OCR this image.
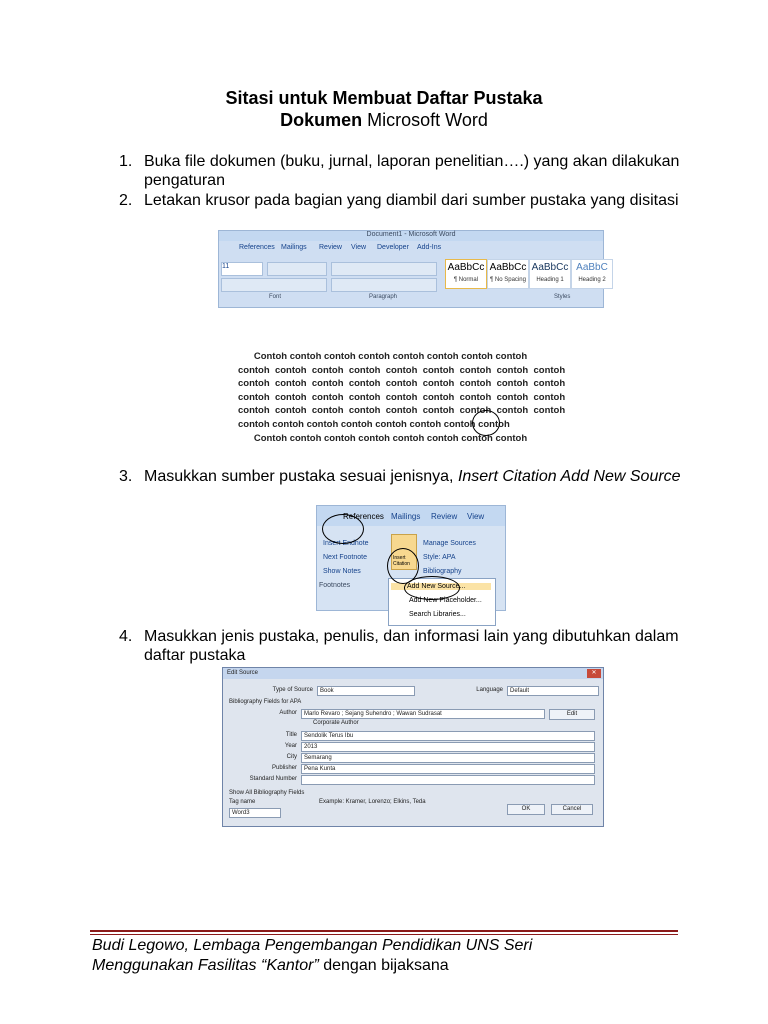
Sitasi untuk Membuat Daftar Pustaka
Dokumen Microsoft Word
1. Buka file dokumen (buku, jurnal, laporan penelitian….) yang akan dilakukan pengaturan
2. Letakan krusor pada bagian yang diambil dari sumber pustaka yang disitasi
Document1 - Microsoft Word
References Mailings Review View Developer Add-Ins
11	AaBbCc
¶ Normal
AaBbCc
¶ No Spacing
AaBbCc
Heading 1
AaBbC
Heading 2
Font	Paragraph	Styles
Contoh contoh contoh contoh contoh contoh contoh contoh
contoh  contoh  contoh  contoh  contoh  contoh  contoh  contoh  contoh
contoh  contoh  contoh  contoh  contoh  contoh  contoh  contoh  contoh
contoh  contoh  contoh  contoh  contoh  contoh  contoh  contoh  contoh
contoh  contoh  contoh  contoh  contoh  contoh  contoh  contoh  contoh
contoh contoh contoh contoh contoh contoh contoh contoh
Contoh contoh contoh contoh contoh contoh contoh contoh
3. Masukkan sumber pustaka sesuai jenisnya, Insert Citation Add New Source
References Mailings Review View
Insert Endnote
Next Footnote
Show Notes
Footnotes
Insert Citation
Manage Sources
Style: APA
Bibliography
Add New Source...
Add New Placeholder...
Search Libraries...
4. Masukkan jenis pustaka, penulis, dan informasi lain yang dibutuhkan dalam daftar pustaka
Edit Source	✕
Type of Source	Book	Language	Default
Bibliography Fields for APA
Author	Marlo Revaro ; Sejang Suhendro ; Wawan Sudrasat	Edit
Corporate Author
Title	Sendolik Terus Ibu
Year	2013
City	Semarang
Publisher	Pena Kunta
Standard Number
Show All Bibliography Fields
Tag name
Word3
Example: Kramer, Lorenzo; Elkins, Teda
OK	Cancel
Budi Legowo, Lembaga Pengembangan Pendidikan UNS Seri
Menggunakan Fasilitas “Kantor” dengan bijaksana
